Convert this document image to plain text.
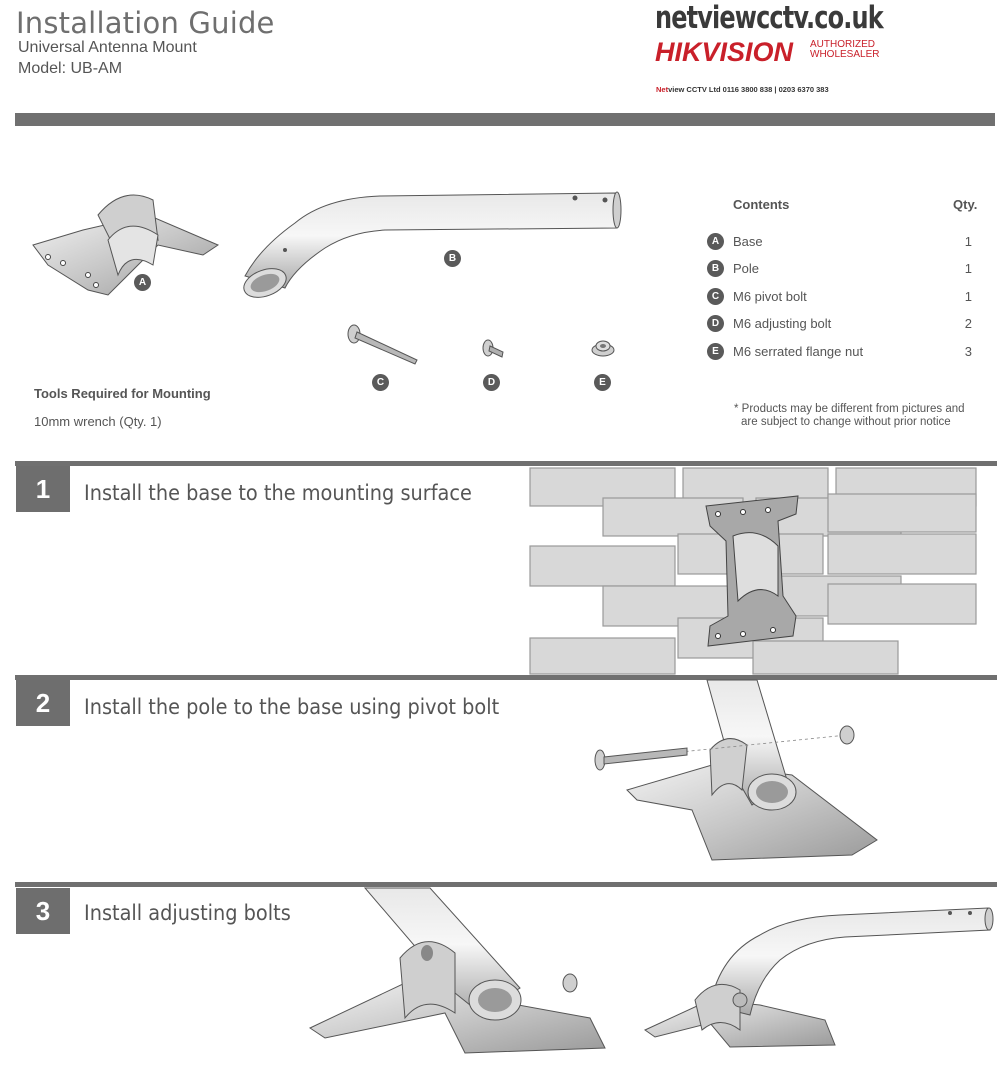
Installation Guide
Universal Antenna Mount
Model: UB-AM
netviewcctv.co.uk
HIKVISION AUTHORIZED
WHOLESALER
Netview CCTV Ltd 0116 3800 838 | 0203 6370 383
A
B
C	D	E
Contents	Qty.
A	Base	1
B	Pole	1
C	M6 pivot bolt	1
D	M6 adjusting bolt	2
E	M6 serrated flange nut	3
Tools Required for Mounting
10mm wrench (Qty. 1)
* Products may be different from pictures and
are subject to change without prior notice
1	Install the base to the mounting surface
2	Install the pole to the base using pivot bolt
3	Install adjusting bolts
